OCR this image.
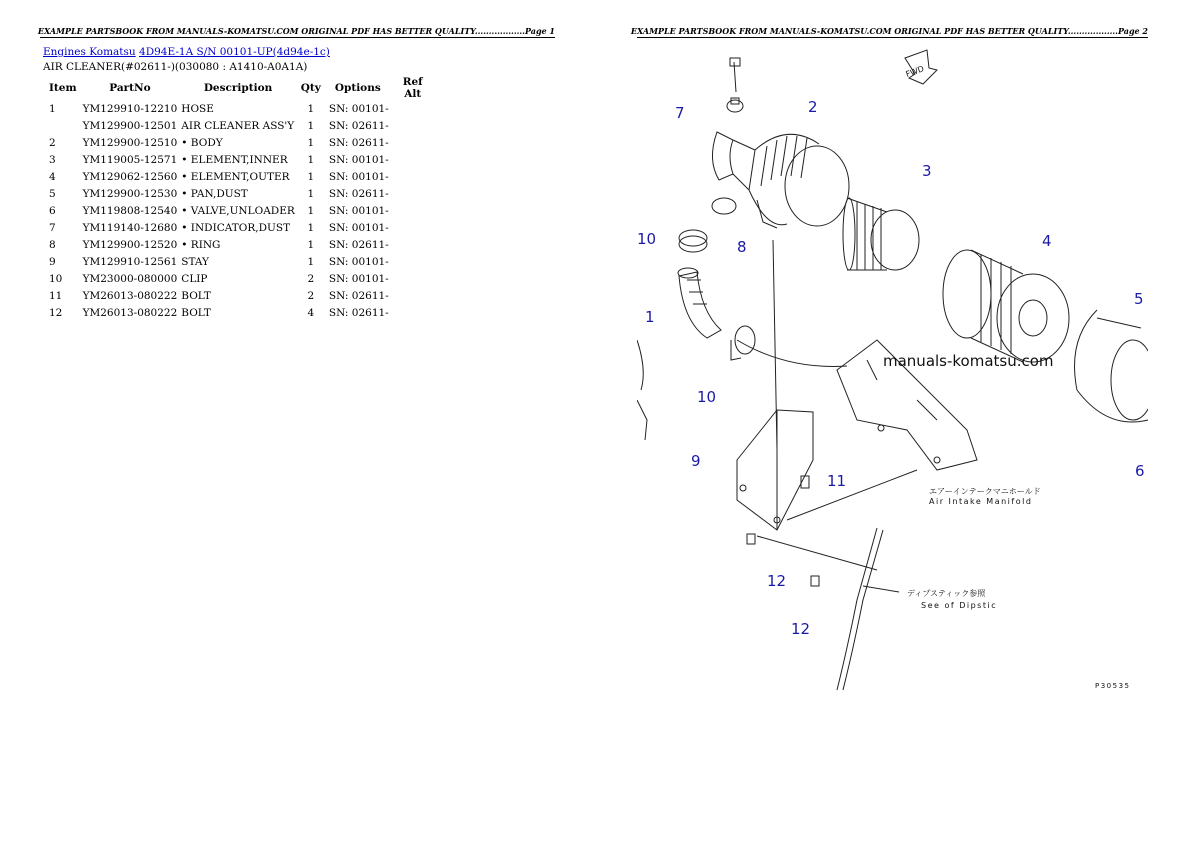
EXAMPLE PARTSBOOK FROM MANUALS-KOMATSU.COM ORIGINAL PDF HAS BETTER QUALITY..................Page 1
Engines Komatsu 4D94E-1A S/N 00101-UP(4d94e-1c)
AIR CLEANER(#02611-)(030080 : A1410-A0A1A)
Item	PartNo	Description	Qty	Options	Ref Alt
1	YM129910-12210	HOSE	1	SN: 00101-	
	YM129900-12501	AIR CLEANER ASS'Y	1	SN: 02611-	
2	YM129900-12510	• BODY	1	SN: 02611-	
3	YM119005-12571	• ELEMENT,INNER	1	SN: 00101-	
4	YM129062-12560	• ELEMENT,OUTER	1	SN: 00101-	
5	YM129900-12530	• PAN,DUST	1	SN: 02611-	
6	YM119808-12540	• VALVE,UNLOADER	1	SN: 00101-	
7	YM119140-12680	• INDICATOR,DUST	1	SN: 00101-	
8	YM129900-12520	• RING	1	SN: 02611-	
9	YM129910-12561	STAY	1	SN: 00101-	
10	YM23000-080000	CLIP	2	SN: 00101-	
11	YM26013-080222	BOLT	2	SN: 02611-	
12	YM26013-080222	BOLT	4	SN: 02611-	
EXAMPLE PARTSBOOK FROM MANUALS-KOMATSU.COM ORIGINAL PDF HAS BETTER QUALITY..................Page 2
7	2
3
4
5
6
8
10
1
10
9
11
12
12
FWD
manuals-komatsu.com
エアーインテークマニホールド
Air Intake Manifold
ディプスティック参照
See of Dipstic
P30535
